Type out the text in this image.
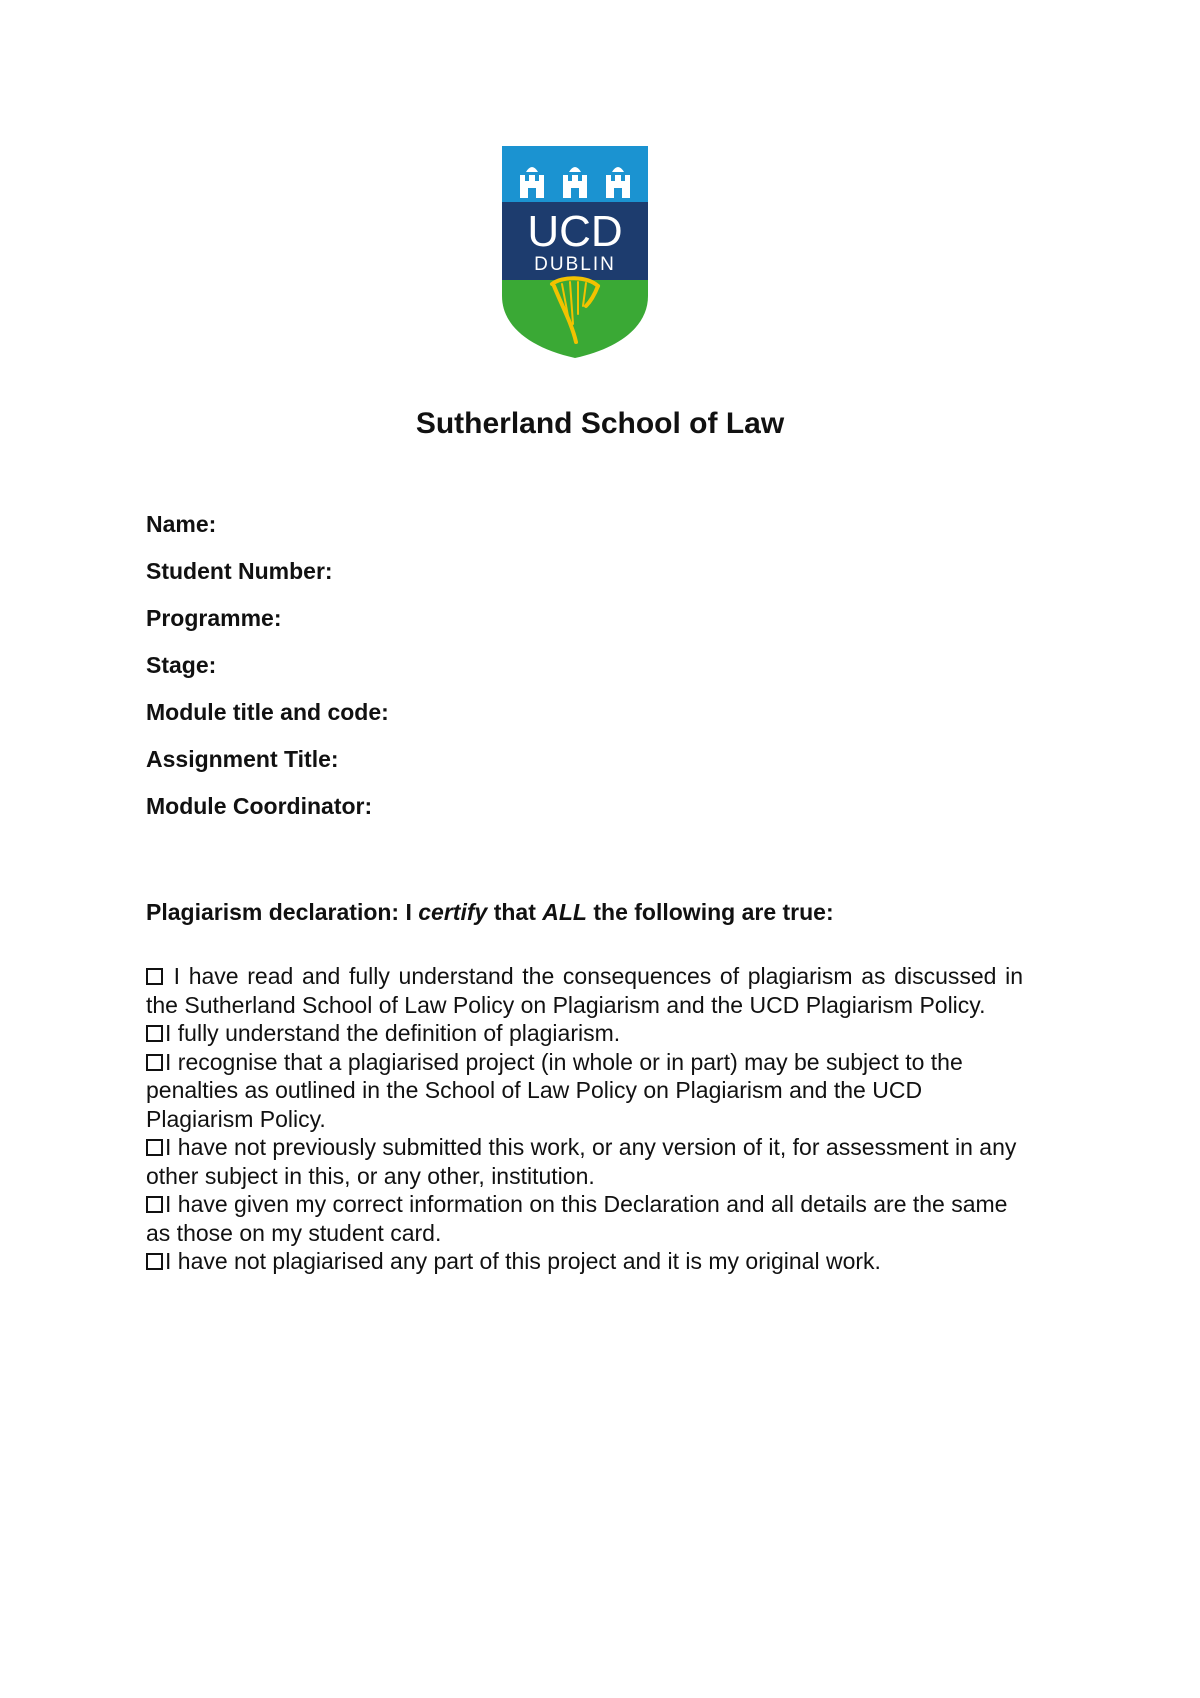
UCD
DUBLIN
Sutherland School of Law
Name:
Student Number:
Programme:
Stage:
Module title and code:
Assignment Title:
Module Coordinator:

Plagiarism declaration: I certify that ALL the following are true:

I have read and fully understand the consequences of plagiarism as discussed in the Sutherland School of Law Policy on Plagiarism and the UCD Plagiarism Policy.

I fully understand the definition of plagiarism.

I recognise that a plagiarised project (in whole or in part) may be subject to the penalties as outlined in the School of Law Policy on Plagiarism and the UCD Plagiarism Policy.

I have not previously submitted this work, or any version of it, for assessment in any other subject in this, or any other, institution.

I have given my correct information on this Declaration and all details are the same as those on my student card.

I have not plagiarised any part of this project and it is my original work.
